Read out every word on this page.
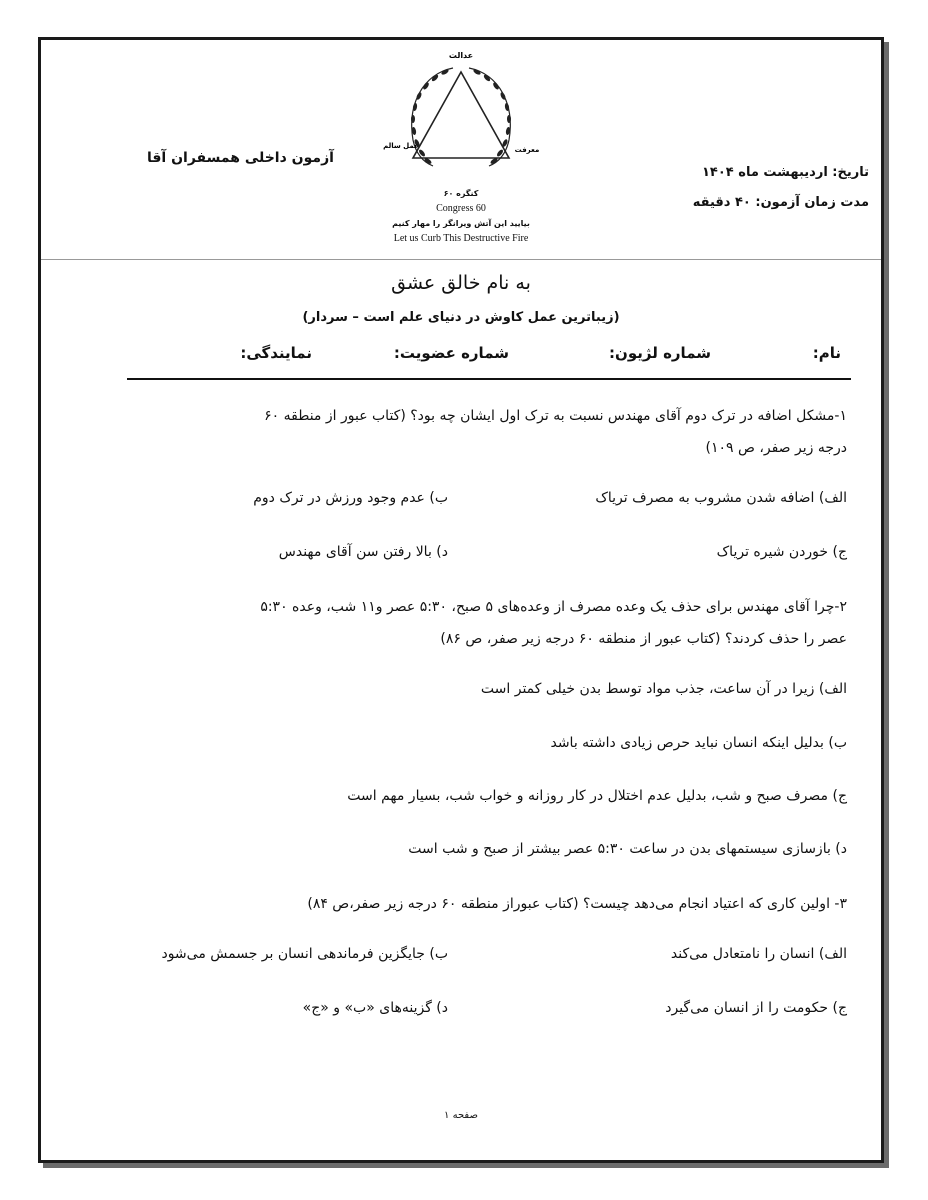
تاریخ: اردیبهشت ماه ۱۴۰۴
مدت زمان آزمون: ۴۰ دقیقه
عدالت
عمل سالم	معرفت
کنگره ۶۰
Congress 60
بیایید این آتش ویرانگر را مهار کنیم
Let us Curb This Destructive Fire
آزمون داخلی همسفران آقا
به نام خالق عشق
(زیباترین عمل کاوش در دنیای علم است – سردار)
نام:
شماره لژیون:
شماره عضویت:
نمایندگی:
۱-مشکل اضافه در ترک دوم آقای مهندس نسبت به ترک اول ایشان چه بود؟ (کتاب عبور از منطقه ۶۰
درجه زیر صفر، ص ۱۰۹)
الف) اضافه شدن مشروب به مصرف تریاک
ب) عدم وجود ورزش در ترک دوم
ج) خوردن شیره تریاک
د) بالا رفتن سن آقای مهندس
۲-چرا آقای مهندس برای حذف یک وعده مصرف از وعده‌های ۵ صبح، ۵:۳۰ عصر و۱۱ شب، وعده ۵:۳۰
عصر را حذف کردند؟ (کتاب عبور از منطقه ۶۰ درجه زیر صفر، ص ۸۶)
الف) زیرا در آن ساعت، جذب مواد توسط بدن خیلی کمتر است
ب) بدلیل اینکه انسان نباید حرص زیادی داشته باشد
ج) مصرف صبح و شب، بدلیل عدم اختلال در کار روزانه و خواب شب، بسیار مهم است
د) بازسازی سیستمهای بدن در ساعت ۵:۳۰ عصر بیشتر از صبح و شب است
۳- اولین کاری که اعتیاد انجام می‌دهد چیست؟ (کتاب عبوراز منطقه ۶۰ درجه زیر صفر،ص ۸۴)
الف) انسان را نامتعادل می‌کند
ب) جایگزین فرماندهی انسان بر جسمش می‌شود
ج) حکومت را از انسان می‌گیرد
د) گزینه‌های «ب» و «ج»
صفحه ۱
